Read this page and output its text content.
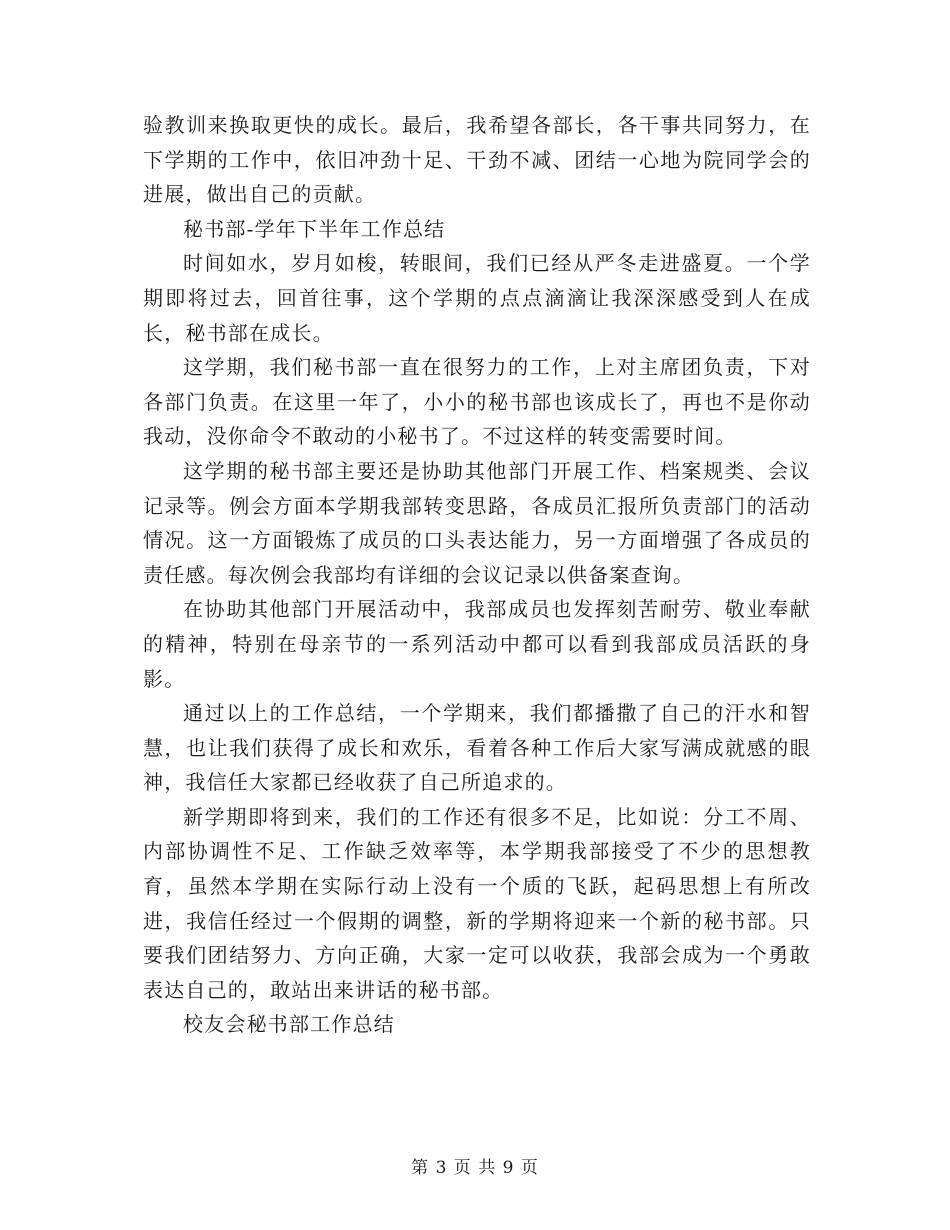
验教训来换取更快的成长。最后，我希望各部长，各干事共同努力，在下学期的工作中，依旧冲劲十足、干劲不减、团结一心地为院同学会的进展，做出自己的贡献。

秘书部-学年下半年工作总结

时间如水，岁月如梭，转眼间，我们已经从严冬走进盛夏。一个学期即将过去，回首往事，这个学期的点点滴滴让我深深感受到人在成长，秘书部在成长。

这学期，我们秘书部一直在很努力的工作，上对主席团负责，下对各部门负责。在这里一年了，小小的秘书部也该成长了，再也不是你动我动，没你命令不敢动的小秘书了。不过这样的转变需要时间。

这学期的秘书部主要还是协助其他部门开展工作、档案规类、会议记录等。例会方面本学期我部转变思路，各成员汇报所负责部门的活动情况。这一方面锻炼了成员的口头表达能力，另一方面增强了各成员的责任感。每次例会我部均有详细的会议记录以供备案查询。

在协助其他部门开展活动中，我部成员也发挥刻苦耐劳、敬业奉献的精神，特别在母亲节的一系列活动中都可以看到我部成员活跃的身影。

通过以上的工作总结，一个学期来，我们都播撒了自己的汗水和智慧，也让我们获得了成长和欢乐，看着各种工作后大家写满成就感的眼神，我信任大家都已经收获了自己所追求的。

新学期即将到来，我们的工作还有很多不足，比如说：分工不周、内部协调性不足、工作缺乏效率等，本学期我部接受了不少的思想教育，虽然本学期在实际行动上没有一个质的飞跃，起码思想上有所改进，我信任经过一个假期的调整，新的学期将迎来一个新的秘书部。只要我们团结努力、方向正确，大家一定可以收获，我部会成为一个勇敢表达自己的，敢站出来讲话的秘书部。

校友会秘书部工作总结

第 3 页 共 9 页
